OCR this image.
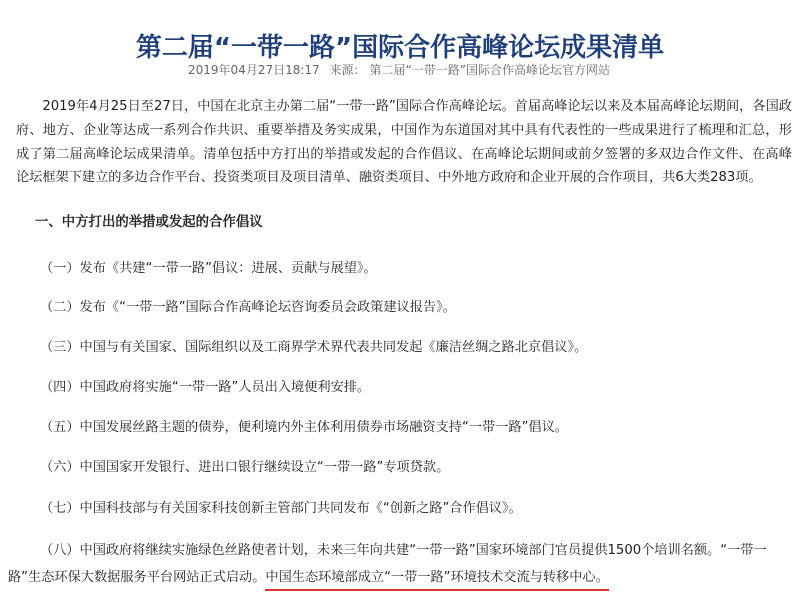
第二届“一带一路”国际合作高峰论坛成果清单
2019年04月27日18:17 来源： 第二届“一带一路”国际合作高峰论坛官方网站

2019年4月25日至27日，中国在北京主办第二届“一带一路”国际合作高峰论坛。首届高峰论坛以来及本届高峰论坛期间，各国政府、地方、企业等达成一系列合作共识、重要举措及务实成果，中国作为东道国对其中具有代表性的一些成果进行了梳理和汇总，形成了第二届高峰论坛成果清单。清单包括中方打出的举措或发起的合作倡议、在高峰论坛期间或前夕签署的多双边合作文件、在高峰论坛框架下建立的多边合作平台、投资类项目及项目清单、融资类项目、中外地方政府和企业开展的合作项目，共6大类283项。

一、中方打出的举措或发起的合作倡议

（一）发布《共建“一带一路”倡议：进展、贡献与展望》。

（二）发布《“一带一路”国际合作高峰论坛咨询委员会政策建议报告》。

（三）中国与有关国家、国际组织以及工商界学术界代表共同发起《廉洁丝绸之路北京倡议》。

（四）中国政府将实施“一带一路”人员出入境便利安排。

（五）中国发展丝路主题的债券，便利境内外主体利用债券市场融资支持“一带一路”倡议。

（六）中国国家开发银行、进出口银行继续设立“一带一路”专项贷款。

（七）中国科技部与有关国家科技创新主管部门共同发布《“创新之路”合作倡议》。

（八）中国政府将继续实施绿色丝路使者计划，未来三年向共建“一带一路”国家环境部门官员提供1500个培训名额。“一带一路”生态环保大数据服务平台网站正式启动。中国生态环境部成立“一带一路”环境技术交流与转移中心。
